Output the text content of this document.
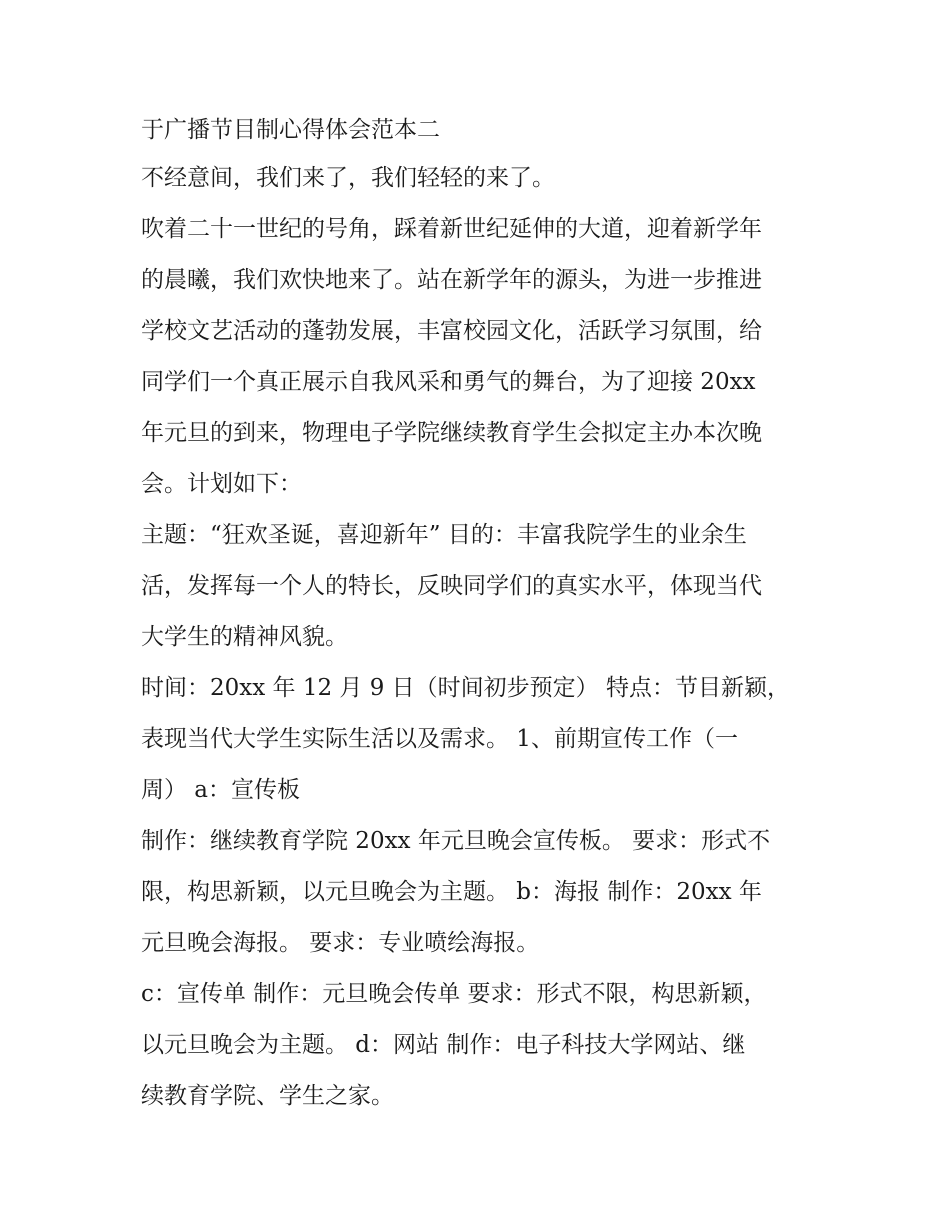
于广播节目制心得体会范本二
不经意间，我们来了，我们轻轻的来了。
吹着二十一世纪的号角，踩着新世纪延伸的大道，迎着新学年
的晨曦，我们欢快地来了。站在新学年的源头，为进一步推进
学校文艺活动的蓬勃发展，丰富校园文化，活跃学习氛围，给
同学们一个真正展示自我风采和勇气的舞台，为了迎接 20xx
年元旦的到来，物理电子学院继续教育学生会拟定主办本次晚
会。计划如下：
主题：“狂欢圣诞，喜迎新年” 目的：丰富我院学生的业余生
活，发挥每一个人的特长，反映同学们的真实水平，体现当代
大学生的精神风貌。
时间：20xx 年 12 月 9 日（时间初步预定） 特点：节目新颖，
表现当代大学生实际生活以及需求。 1、前期宣传工作（一
周） a：宣传板
制作：继续教育学院 20xx 年元旦晚会宣传板。 要求：形式不
限，构思新颖，以元旦晚会为主题。 b：海报 制作：20xx 年
元旦晚会海报。 要求：专业喷绘海报。
c：宣传单 制作：元旦晚会传单 要求：形式不限，构思新颖，
以元旦晚会为主题。 d：网站 制作：电子科技大学网站、继
续教育学院、学生之家。
